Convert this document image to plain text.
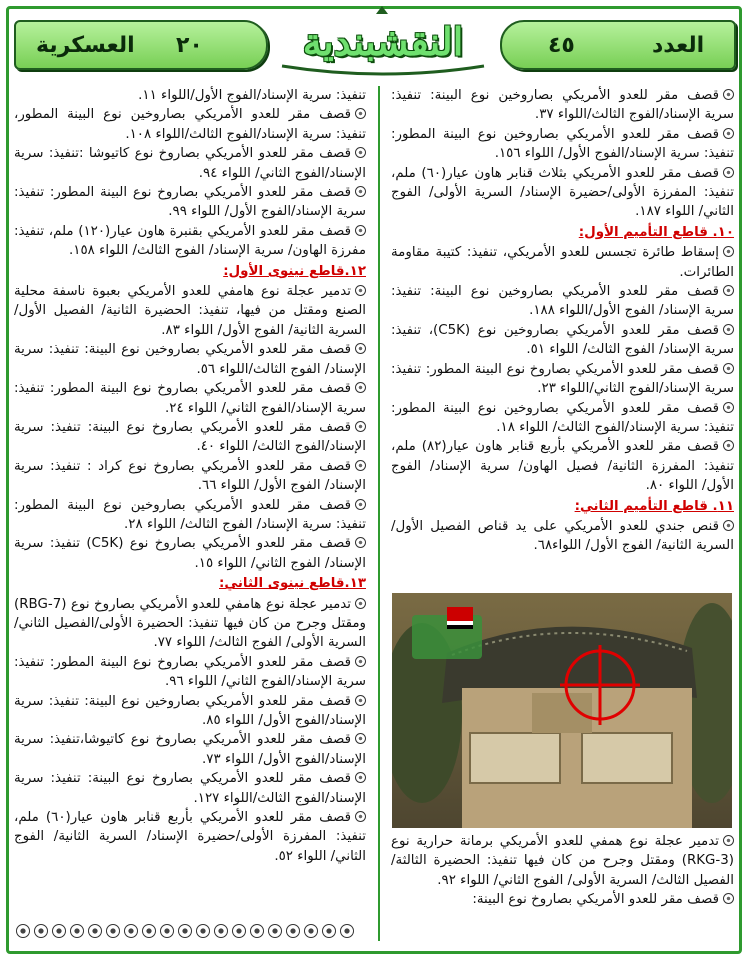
العسكرية ٢٠	النقشبندية	٤٥	العدد

قصف مقر للعدو الأمريكي بصاروخين نوع البينة: تنفيذ: سرية الإسناد/الفوج الثالث/اللواء ٣٧.

قصف مقر للعدو الأمريكي بصاروخين نوع البينة المطور: تنفيذ: سرية الإسناد/الفوج الأول/ اللواء ١٥٦.

قصف مقر للعدو الأمريكي بثلاث قنابر هاون عيار(٦٠) ملم، تنفيذ: المفرزة الأولى/حضيرة الإسناد/ السرية الأولى/ الفوج الثاني/ اللواء ١٨٧.

١٠. قاطع التأميم الأول:

إسقاط طائرة تجسس للعدو الأمريكي، تنفيذ: كتيبة مقاومة الطائرات.

قصف مقر للعدو الأمريكي بصاروخين نوع البينة: تنفيذ: سرية الإسناد/ الفوج الأول/اللواء ١٨٨.

قصف مقر للعدو الأمريكي بصاروخين نوع (C5K)، تنفيذ: سرية الإسناد/ الفوج الثالث/ اللواء ٥١.

قصف مقر للعدو الأمريكي بصاروخ نوع البينة المطور: تنفيذ: سرية الإسناد/الفوج الثاني/اللواء ٢٣.

قصف مقر للعدو الأمريكي بصاروخين نوع البينة المطور: تنفيذ: سرية الإسناد/الفوج الثالث/ اللواء ١٨.

قصف مقر للعدو الأمريكي بأربع قنابر هاون عيار(٨٢) ملم، تنفيذ: المفرزة الثانية/ فصيل الهاون/ سرية الإسناد/ الفوج الأول/ اللواء ٨٠.

١١. قاطع التأميم الثاني:

قنص جندي للعدو الأمريكي على يد قناص الفصيل الأول/ السرية الثانية/ الفوج الأول/ اللواء٦٨.

تدمير عجلة نوع همفي للعدو الأمريكي برمانة حرارية نوع (RKG-3) ومقتل وجرح من كان فيها تنفيذ: الحضيرة الثالثة/الفصيل الثالث/ السرية الأولى/ الفوج الثاني/ اللواء ٩٢.

قصف مقر للعدو الأمريكي بصاروخ نوع البينة:

تنفيذ: سرية الإسناد/الفوج الأول/اللواء ١١.

قصف مقر للعدو الأمريكي بصاروخين نوع البينة المطور، تنفيذ: سرية الإسناد/الفوج الثالث/اللواء ١٠٨.

قصف مقر للعدو الأمريكي بصاروخ نوع كاتيوشا :تنفيذ: سرية الإسناد/الفوج الثاني/ اللواء ٩٤.

قصف مقر للعدو الأمريكي بصاروخ نوع البينة المطور: تنفيذ: سرية الإسناد/الفوج الأول/ اللواء ٩٩.

قصف مقر للعدو الأمريكي بقنبرة هاون عيار(١٢٠) ملم، تنفيذ: مفرزة الهاون/ سرية الإسناد/ الفوج الثالث/ اللواء ١٥٨.

١٢.قاطع نينوى الأول:

تدمير عجلة نوع هامفي للعدو الأمريكي بعبوة ناسفة محلية الصنع ومقتل من فيها، تنفيذ: الحضيرة الثانية/ الفصيل الأول/ السرية الثانية/ الفوج الأول/ اللواء ٨٣.

قصف مقر للعدو الأمريكي بصاروخين نوع البينة: تنفيذ: سرية الإسناد/ الفوج الثالث/اللواء ٥٦.

قصف مقر للعدو الأمريكي بصاروخ نوع البينة المطور: تنفيذ: سرية الإسناد/الفوج الثاني/ اللواء ٢٤.

قصف مقر للعدو الأمريكي بصاروخ نوع البينة: تنفيذ: سرية الإسناد/الفوج الثالث/ اللواء ٤٠.

قصف مقر للعدو الأمريكي بصاروخ نوع كراد : تنفيذ: سرية الإسناد/ الفوج الأول/ اللواء ٦٦.

قصف مقر للعدو الأمريكي بصاروخين نوع البينة المطور: تنفيذ: سرية الإسناد/ الفوج الثالث/ اللواء ٢٨.

قصف مقر للعدو الأمريكي بصاروخ نوع (C5K) تنفيذ: سرية الإسناد/ الفوج الثاني/ اللواء ١٥.

١٣.قاطع نينوى الثاني:

تدمير عجلة نوع هامفي للعدو الأمريكي بصاروخ نوع (RBG-7) ومقتل وجرح من كان فيها تنفيذ: الحضيرة الأولى/الفصيل الثاني/ السرية الأولى/ الفوج الثالث/ اللواء ٧٧.

قصف مقر للعدو الأمريكي بصاروخ نوع البينة المطور: تنفيذ: سرية الإسناد/الفوج الثاني/ اللواء ٩٦.

قصف مقر للعدو الأمريكي بصاروخين نوع البينة: تنفيذ: سرية الإسناد/الفوج الأول/ اللواء ٨٥.

قصف مقر للعدو الأمريكي بصاروخ نوع كاتيوشا،تنفيذ: سرية الإسناد/الفوج الأول/ اللواء ٧٣.

قصف مقر للعدو الأمريكي بصاروخ نوع البينة: تنفيذ: سرية الإسناد/الفوج الثالث/اللواء ١٢٧.

قصف مقر للعدو الأمريكي بأربع قنابر هاون عيار(٦٠) ملم، تنفيذ: المفرزة الأولى/حضيرة الإسناد/ السرية الثانية/ الفوج الثاني/ اللواء ٥٢.
